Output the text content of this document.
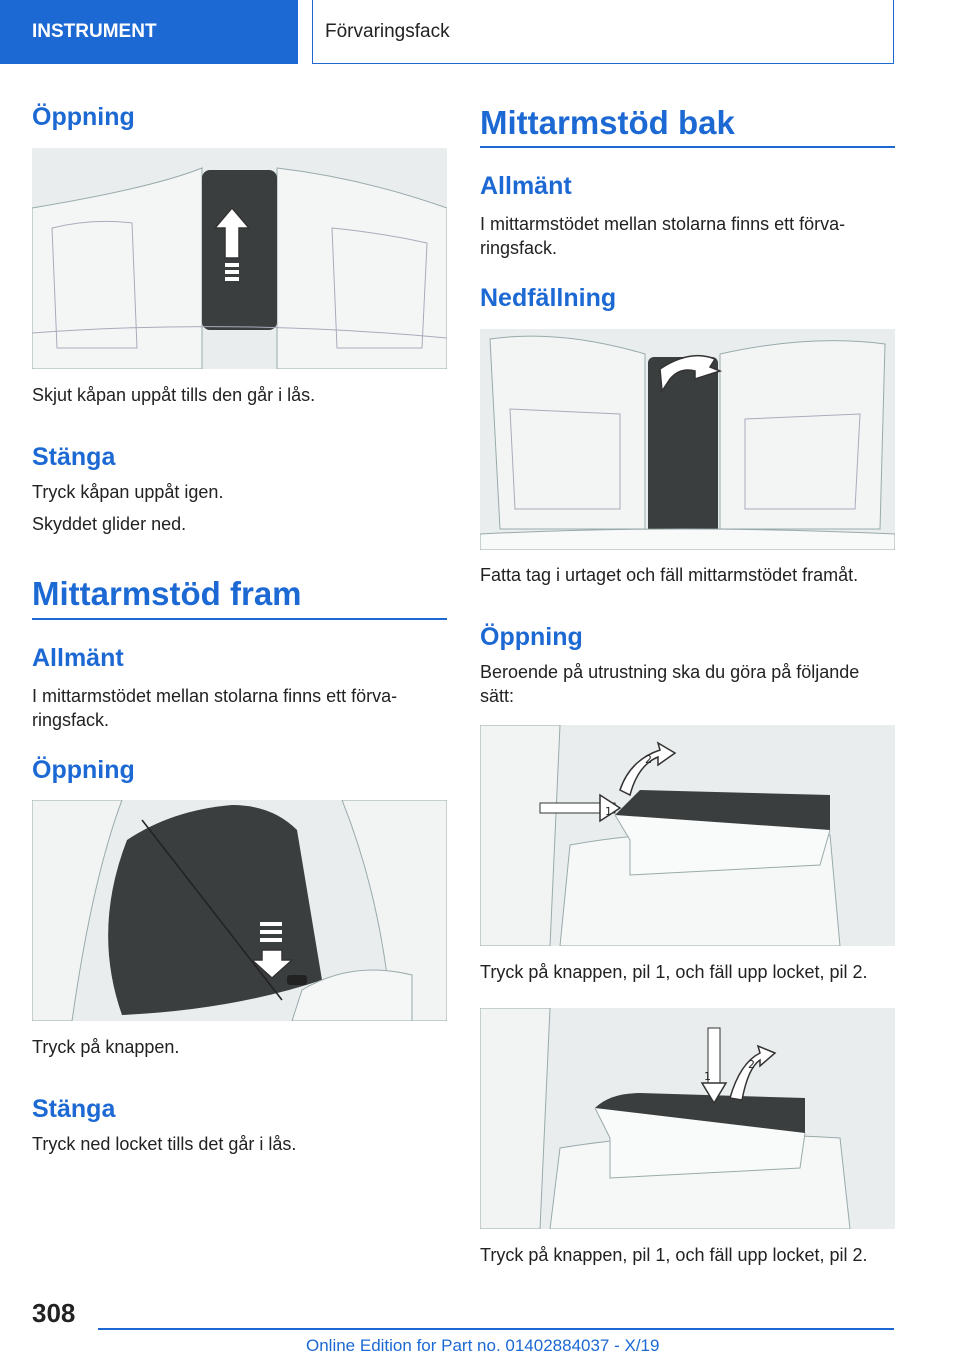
INSTRUMENT	Förvaringsfack
Öppning

Skjut kåpan uppåt tills den går i lås.

Stänga

Tryck kåpan uppåt igen.

Skyddet glider ned.

Mittarmstöd fram
Allmänt

I mittarmstödet mellan stolarna finns ett förva‐

ringsfack.

Öppning

Tryck på knappen.

Stänga

Tryck ned locket tills det går i lås.

Mittarmstöd bak
Allmänt

I mittarmstödet mellan stolarna finns ett förva‐

ringsfack.

Nedfällning

Fatta tag i urtaget och fäll mittarmstödet framåt.

Öppning

Beroende på utrustning ska du göra på följande

sätt:

1
2

Tryck på knappen, pil 1, och fäll upp locket, pil 2.

1
2

Tryck på knappen, pil 1, och fäll upp locket, pil 2.

308
Online Edition for Part no. 01402884037 - X/19
